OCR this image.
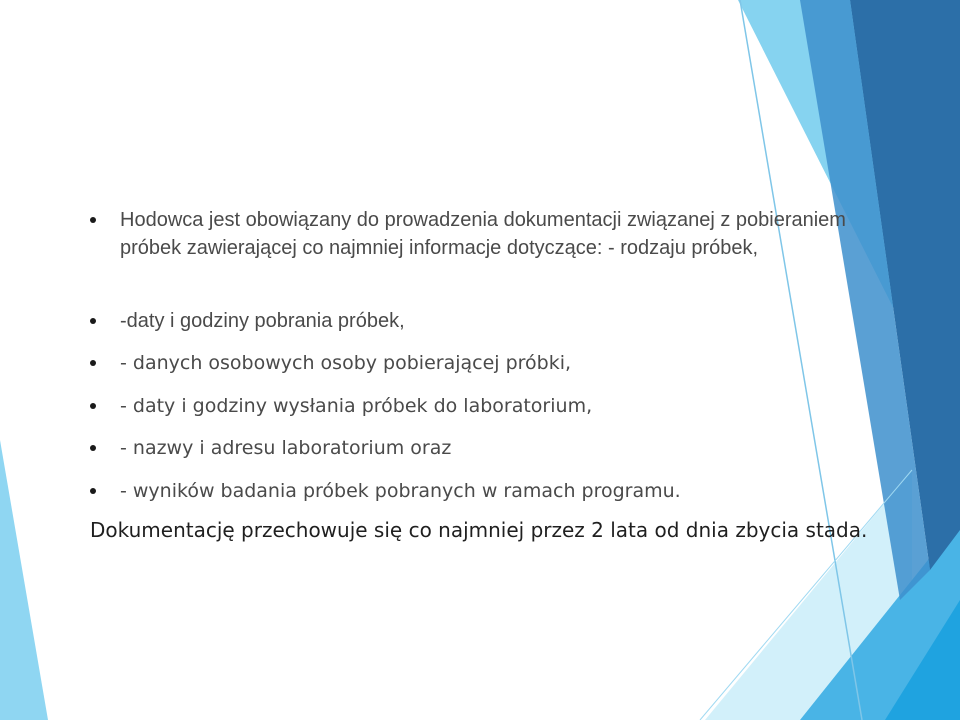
Hodowca jest obowiązany do prowadzenia dokumentacji związanej z pobieraniem próbek zawierającej co najmniej informacje dotyczące: - rodzaju próbek,
-daty i godziny pobrania próbek,
- danych osobowych osoby pobierającej próbki,
- daty i godziny wysłania próbek do laboratorium,
- nazwy i adresu laboratorium oraz
- wyników badania próbek pobranych w ramach programu.

Dokumentację przechowuje się co najmniej przez 2 lata od dnia zbycia stada.
